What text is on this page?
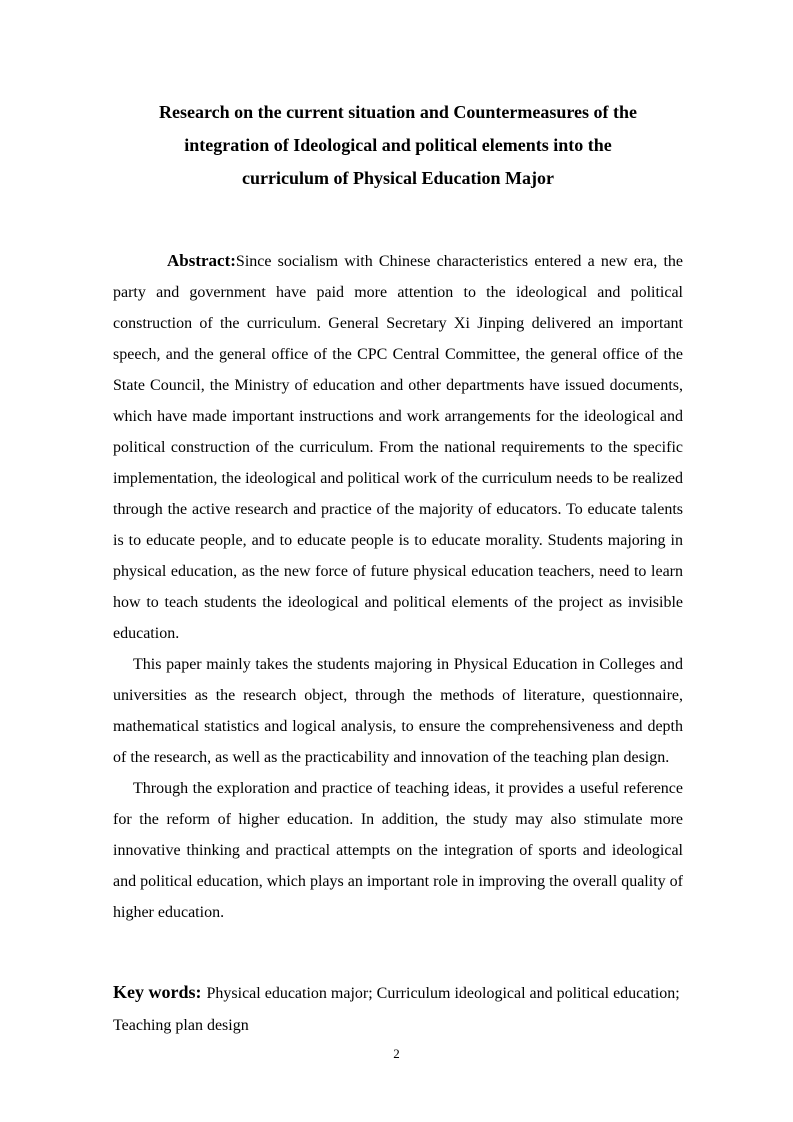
Research on the current situation and Countermeasures of the
integration of Ideological and political elements into the
curriculum of Physical Education Major

Abstract:Since socialism with Chinese characteristics entered a new era, the party and government have paid more attention to the ideological and political construction of the curriculum. General Secretary Xi Jinping delivered an important speech, and the general office of the CPC Central Committee, the general office of the State Council, the Ministry of education and other departments have issued documents, which have made important instructions and work arrangements for the ideological and political construction of the curriculum. From the national requirements to the specific implementation, the ideological and political work of the curriculum needs to be realized through the active research and practice of the majority of educators. To educate talents is to educate people, and to educate people is to educate morality. Students majoring in physical education, as the new force of future physical education teachers, need to learn how to teach students the ideological and political elements of the project as invisible education.

This paper mainly takes the students majoring in Physical Education in Colleges and universities as the research object, through the methods of literature, questionnaire, mathematical statistics and logical analysis, to ensure the comprehensiveness and depth of the research, as well as the practicability and innovation of the teaching plan design.

Through the exploration and practice of teaching ideas, it provides a useful reference for the reform of higher education. In addition, the study may also stimulate more innovative thinking and practical attempts on the integration of sports and ideological and political education, which plays an important role in improving the overall quality of higher education.

Key words: Physical education major; Curriculum ideological and political education; Teaching plan design
2
